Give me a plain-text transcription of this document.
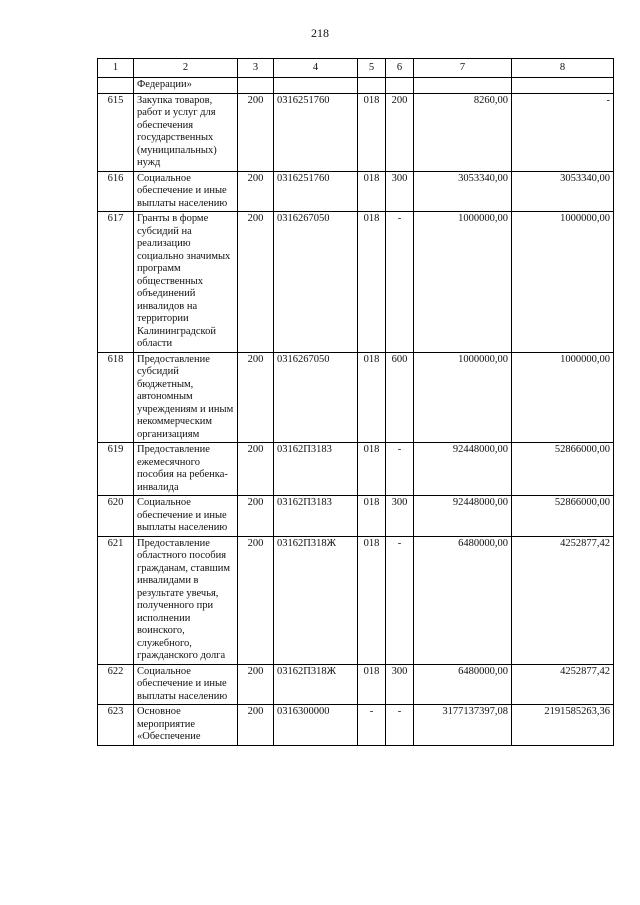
218
1	2	3	4	5	6	7	8
	Федерации»						
615	Закупка товаров, работ и услуг для обеспечения государственных (муниципальных) нужд	200	0316251760	018	200	8260,00	-
616	Социальное обеспечение и иные выплаты населению	200	0316251760	018	300	3053340,00	3053340,00
617	Гранты в форме субсидий на реализацию социально значимых программ общественных объединений инвалидов на территории Калининградской области	200	0316267050	018	-	1000000,00	1000000,00
618	Предоставление субсидий бюджетным, автономным учреждениям и иным некоммерческим организациям	200	0316267050	018	600	1000000,00	1000000,00
619	Предоставление ежемесячного пособия на ребенка-инвалида	200	03162П3183	018	-	92448000,00	52866000,00
620	Социальное обеспечение и иные выплаты населению	200	03162П3183	018	300	92448000,00	52866000,00
621	Предоставление областного пособия гражданам, ставшим инвалидами в результате увечья, полученного при исполнении воинского, служебного, гражданского долга	200	03162П318Ж	018	-	6480000,00	4252877,42
622	Социальное обеспечение и иные выплаты населению	200	03162П318Ж	018	300	6480000,00	4252877,42
623	Основное мероприятие «Обеспечение	200	0316300000	-	-	3177137397,08	2191585263,36
